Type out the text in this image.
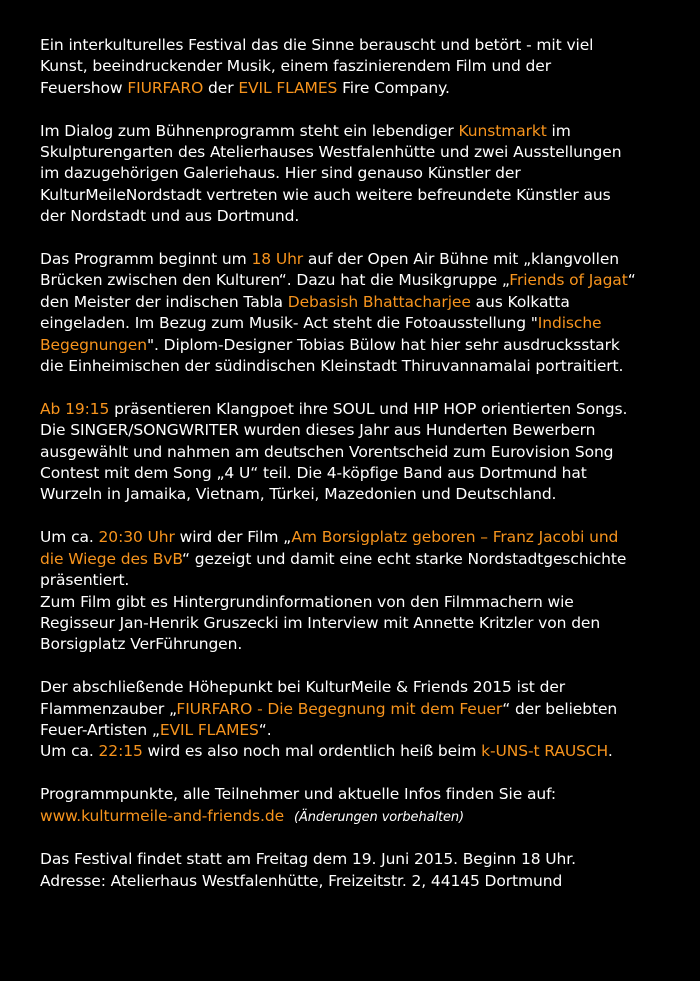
Ein interkulturelles Festival das die Sinne berauscht und betört - mit viel
Kunst, beeindruckender Musik, einem faszinierendem Film und der
Feuershow FIURFARO der EVIL FLAMES Fire Company.
Im Dialog zum Bühnenprogramm steht ein lebendiger Kunstmarkt im
Skulpturengarten des Atelierhauses Westfalenhütte und zwei Ausstellungen
im dazugehörigen Galeriehaus. Hier sind genauso Künstler der
KulturMeileNordstadt vertreten wie auch weitere befreundete Künstler aus
der Nordstadt und aus Dortmund.
Das Programm beginnt um 18 Uhr auf der Open Air Bühne mit „klangvollen
Brücken zwischen den Kulturen“. Dazu hat die Musikgruppe „Friends of Jagat“
den Meister der indischen Tabla Debasish Bhattacharjee aus Kolkatta
eingeladen. Im Bezug zum Musik- Act steht die Fotoausstellung "Indische
Begegnungen". Diplom-Designer Tobias Bülow hat hier sehr ausdrucksstark
die Einheimischen der südindischen Kleinstadt Thiruvannamalai portraitiert.
Ab 19:15 präsentieren Klangpoet ihre SOUL und HIP HOP orientierten Songs.
Die SINGER/SONGWRITER wurden dieses Jahr aus Hunderten Bewerbern
ausgewählt und nahmen am deutschen Vorentscheid zum Eurovision Song
Contest mit dem Song „4 U“ teil. Die 4-köpfige Band aus Dortmund hat
Wurzeln in Jamaika, Vietnam, Türkei, Mazedonien und Deutschland.
Um ca. 20:30 Uhr wird der Film „Am Borsigplatz geboren – Franz Jacobi und
die Wiege des BvB“ gezeigt und damit eine echt starke Nordstadtgeschichte
präsentiert.
Zum Film gibt es Hintergrundinformationen von den Filmmachern wie
Regisseur Jan-Henrik Gruszecki im Interview mit Annette Kritzler von den
Borsigplatz VerFührungen.
Der abschließende Höhepunkt bei KulturMeile & Friends 2015 ist der
Flammenzauber „FIURFARO - Die Begegnung mit dem Feuer“ der beliebten
Feuer-Artisten „EVIL FLAMES“.
Um ca. 22:15 wird es also noch mal ordentlich heiß beim k-UNS-t RAUSCH.
Programmpunkte, alle Teilnehmer und aktuelle Infos finden Sie auf:
www.kulturmeile-and-friends.de (Änderungen vorbehalten)
Das Festival findet statt am Freitag dem 19. Juni 2015. Beginn 18 Uhr.
Adresse: Atelierhaus Westfalenhütte, Freizeitstr. 2, 44145 Dortmund
